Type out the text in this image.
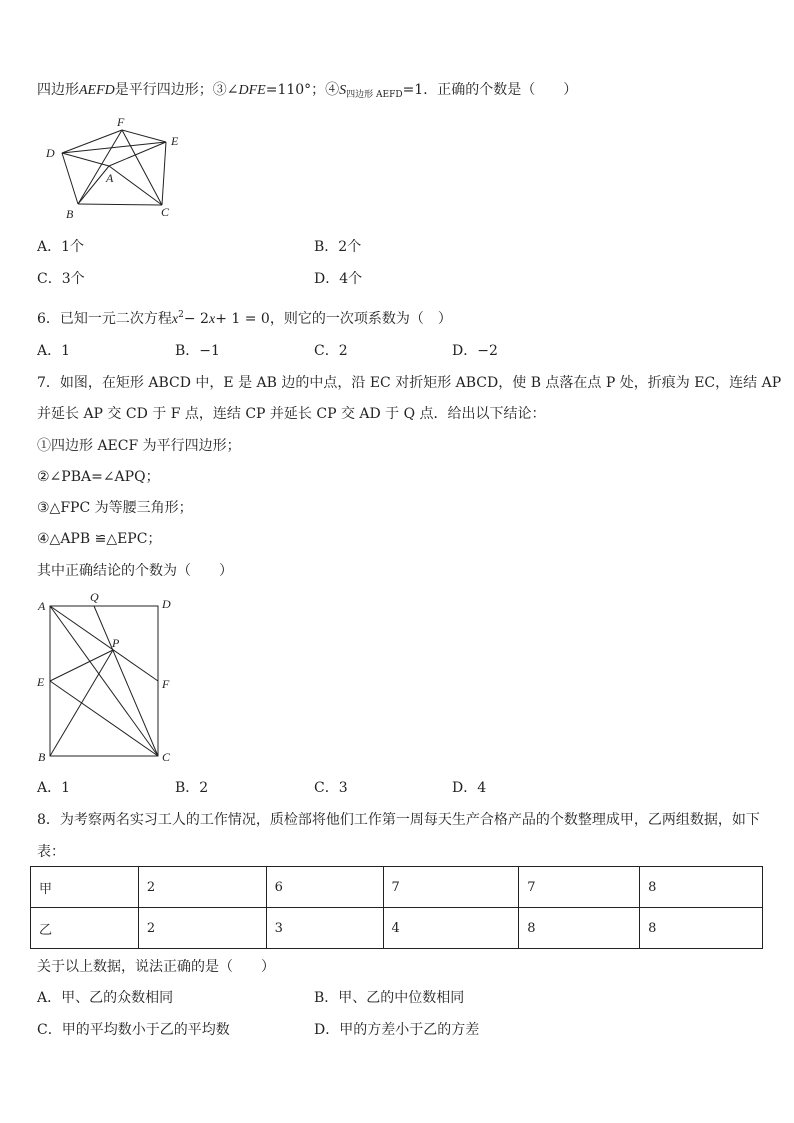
四边形AEFD是平行四边形；③∠DFE=110°；$④S_{四边形 AEFD}=1$．正确的个数是（　　）
D
F
E
A
B	C
A．1个	B．2个
C．3个	D．4个
6．已知一元二次方程$x^2- 2x+ 1 = 0$，则它的一次项系数为（　）
A．1	B．−1	C．2	D．−2
7．如图，在矩形 ABCD 中，E 是 AB 边的中点，沿 EC 对折矩形 ABCD，使 B 点落在点 P 处，折痕为 EC，连结 AP
并延长 AP 交 CD 于 F 点，连结 CP 并延长 CP 交 AD 于 Q 点．给出以下结论：
①四边形 AECF 为平行四边形；
②∠PBA=∠APQ；
③△FPC 为等腰三角形；
④△APB ≌△EPC；
其中正确结论的个数为（　　）
A
Q	D
P
E	F
B	C
A．1	B．2	C．3	D．4
8．为考察两名实习工人的工作情况，质检部将他们工作第一周每天生产合格产品的个数整理成甲，乙两组数据，如下
表：
甲	2	6	7	7	8
乙	2	3	4	8	8
关于以上数据，说法正确的是（　　）
A．甲、乙的众数相同	B．甲、乙的中位数相同
C．甲的平均数小于乙的平均数	D．甲的方差小于乙的方差
